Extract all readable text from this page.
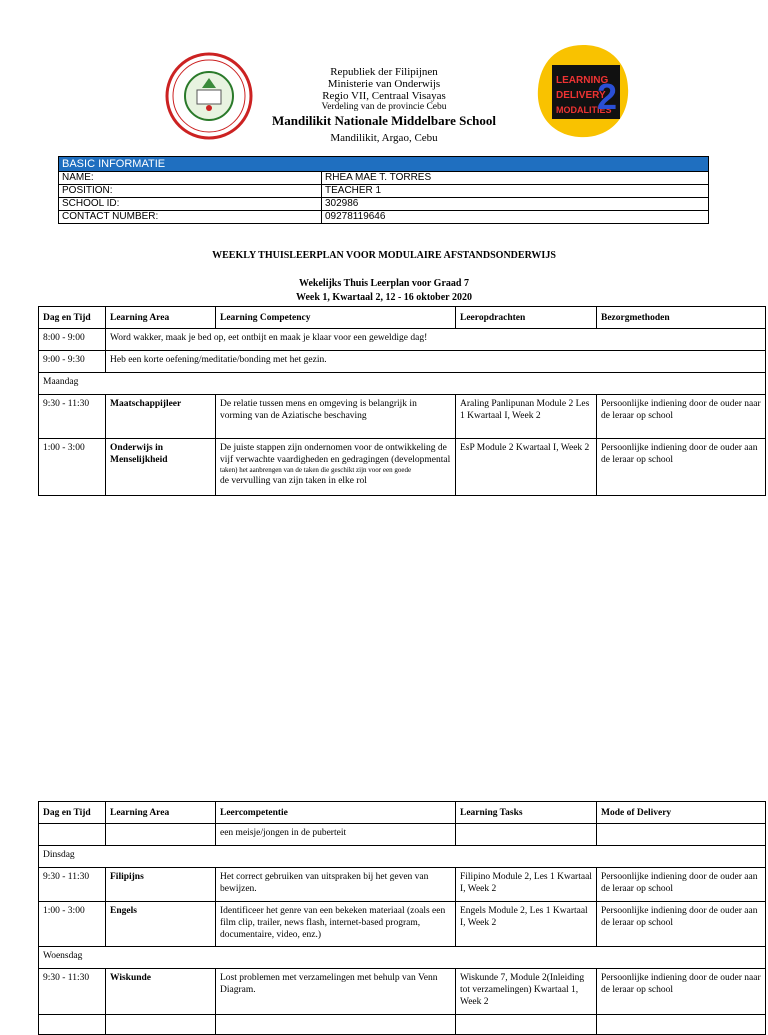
LEARNING
DELIVERY
MODALITIES
2
Republiek der Filipijnen
Ministerie van Onderwijs
Regio VII, Centraal Visayas
Verdeling van de provincie Cebu
Mandilikit Nationale Middelbare School
Mandilikit, Argao, Cebu
BASIC INFORMATIE	
NAME:	RHEA MAE T. TORRES
POSITION:	TEACHER 1
SCHOOL ID:	302986
CONTACT NUMBER:	09278119646
WEEKLY THUISLEERPLAN VOOR MODULAIRE AFSTANDSONDERWIJS
Wekelijks Thuis Leerplan voor Graad 7
Week 1, Kwartaal 2, 12 - 16 oktober 2020
Dag en Tijd	Learning Area	Learning Competency	Leeropdrachten	Bezorgmethoden
8:00 - 9:00	Word wakker, maak je bed op, eet ontbijt en maak je klaar voor een geweldige dag!			
9:00 - 9:30	Heb een korte oefening/meditatie/bonding met het gezin.			
Maandag				
9:30 - 11:30	Maatschappijleer	De relatie tussen mens en omgeving is belangrijk in vorming van de Aziatische beschaving	Araling Panlipunan Module 2 Les 1 Kwartaal I, Week 2	Persoonlijke indiening door de ouder naar de leraar op school
1:00 - 3:00	Onderwijs in Menselijkheid	De juiste stappen zijn ondernomen voor de ontwikkeling de vijf verwachte vaardigheden en gedragingen (developmental
taken) het aanbrengen van de taken die geschikt zijn voor een goede
de vervulling van zijn taken in elke rol	EsP Module 2 Kwartaal I, Week 2	Persoonlijke indiening door de ouder aan de leraar op school
Dag en Tijd	Learning Area	Leercompetentie	Learning Tasks	Mode of Delivery
		een meisje/jongen in de puberteit		
Dinsdag				
9:30 - 11:30	Filipijns	Het correct gebruiken van uitspraken bij het geven van bewijzen.	Filipino Module 2, Les 1 Kwartaal I, Week 2	Persoonlijke indiening door de ouder aan de leraar op school
1:00 - 3:00	Engels	Identificeer het genre van een bekeken materiaal (zoals een film clip, trailer, news flash, internet-based program, documentaire, video, enz.)	Engels Module 2, Les 1 Kwartaal I, Week 2	Persoonlijke indiening door de ouder aan de leraar op school
Woensdag				
9:30 - 11:30	Wiskunde	Lost problemen met verzamelingen met behulp van Venn Diagram.	Wiskunde 7, Module 2(Inleiding tot verzamelingen) Kwartaal 1, Week 2	Persoonlijke indiening door de ouder naar de leraar op school
